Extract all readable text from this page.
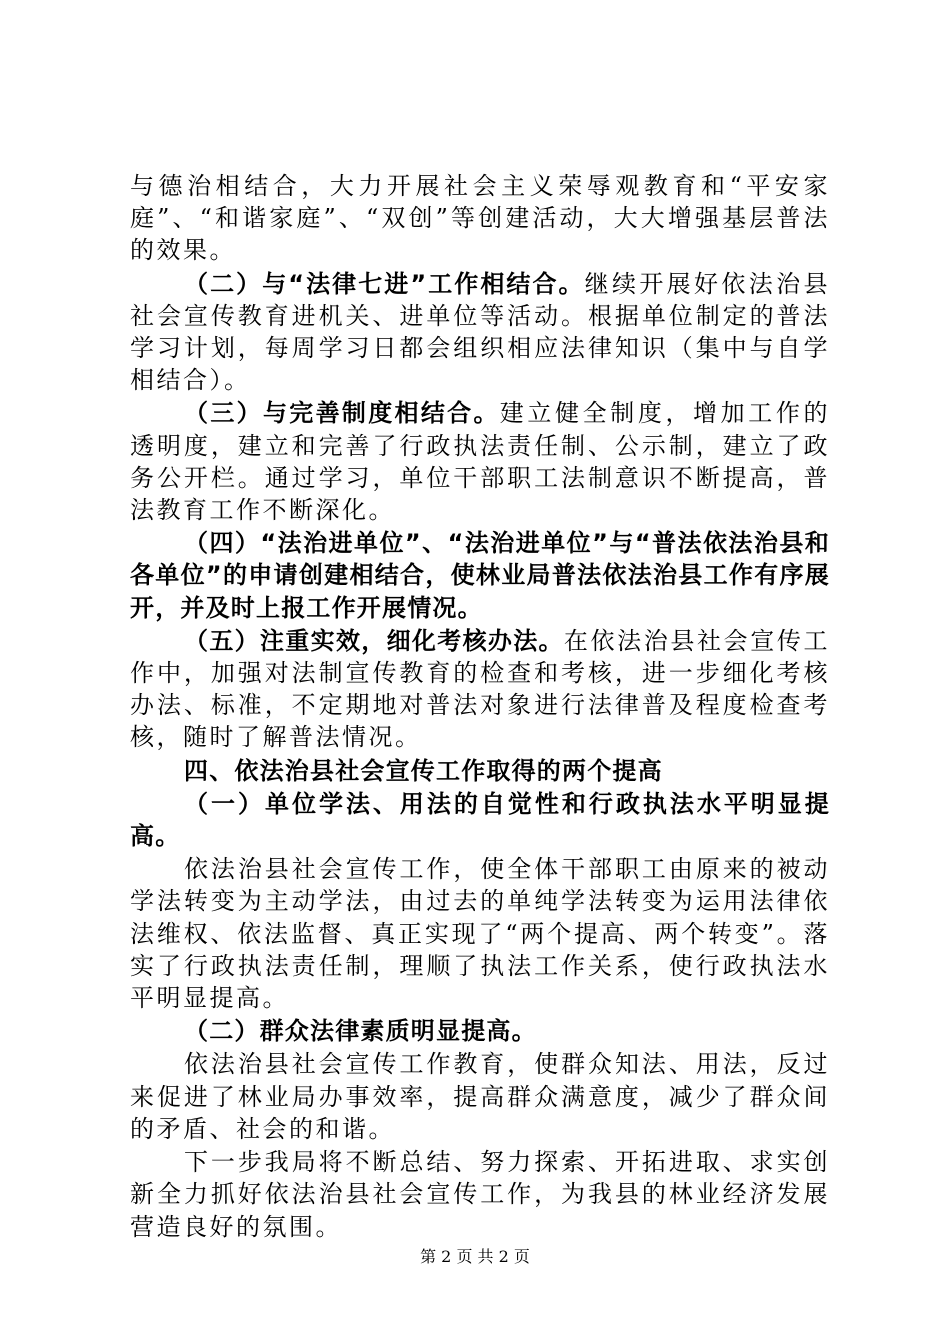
与德治相结合，大力开展社会主义荣辱观教育和“平安家庭”、“和谐家庭”、“双创”等创建活动，大大增强基层普法的效果。

（二）与“法律七进”工作相结合。继续开展好依法治县社会宣传教育进机关、进单位等活动。根据单位制定的普法学习计划，每周学习日都会组织相应法律知识（集中与自学相结合）。

（三）与完善制度相结合。建立健全制度，增加工作的透明度，建立和完善了行政执法责任制、公示制，建立了政务公开栏。通过学习，单位干部职工法制意识不断提高，普法教育工作不断深化。

（四）“法治进单位”、“法治进单位”与“普法依法治县和各单位”的申请创建相结合，使林业局普法依法治县工作有序展开，并及时上报工作开展情况。

（五）注重实效，细化考核办法。在依法治县社会宣传工作中，加强对法制宣传教育的检查和考核，进一步细化考核办法、标准，不定期地对普法对象进行法律普及程度检查考核，随时了解普法情况。

四、依法治县社会宣传工作取得的两个提高

（一）单位学法、用法的自觉性和行政执法水平明显提高。

依法治县社会宣传工作，使全体干部职工由原来的被动学法转变为主动学法，由过去的单纯学法转变为运用法律依法维权、依法监督、真正实现了“两个提高、两个转变”。落实了行政执法责任制，理顺了执法工作关系，使行政执法水平明显提高。

（二）群众法律素质明显提高。

依法治县社会宣传工作教育，使群众知法、用法，反过来促进了林业局办事效率，提高群众满意度，减少了群众间的矛盾、社会的和谐。

下一步我局将不断总结、努力探索、开拓进取、求实创新全力抓好依法治县社会宣传工作，为我县的林业经济发展营造良好的氛围。

第 2 页 共 2 页
